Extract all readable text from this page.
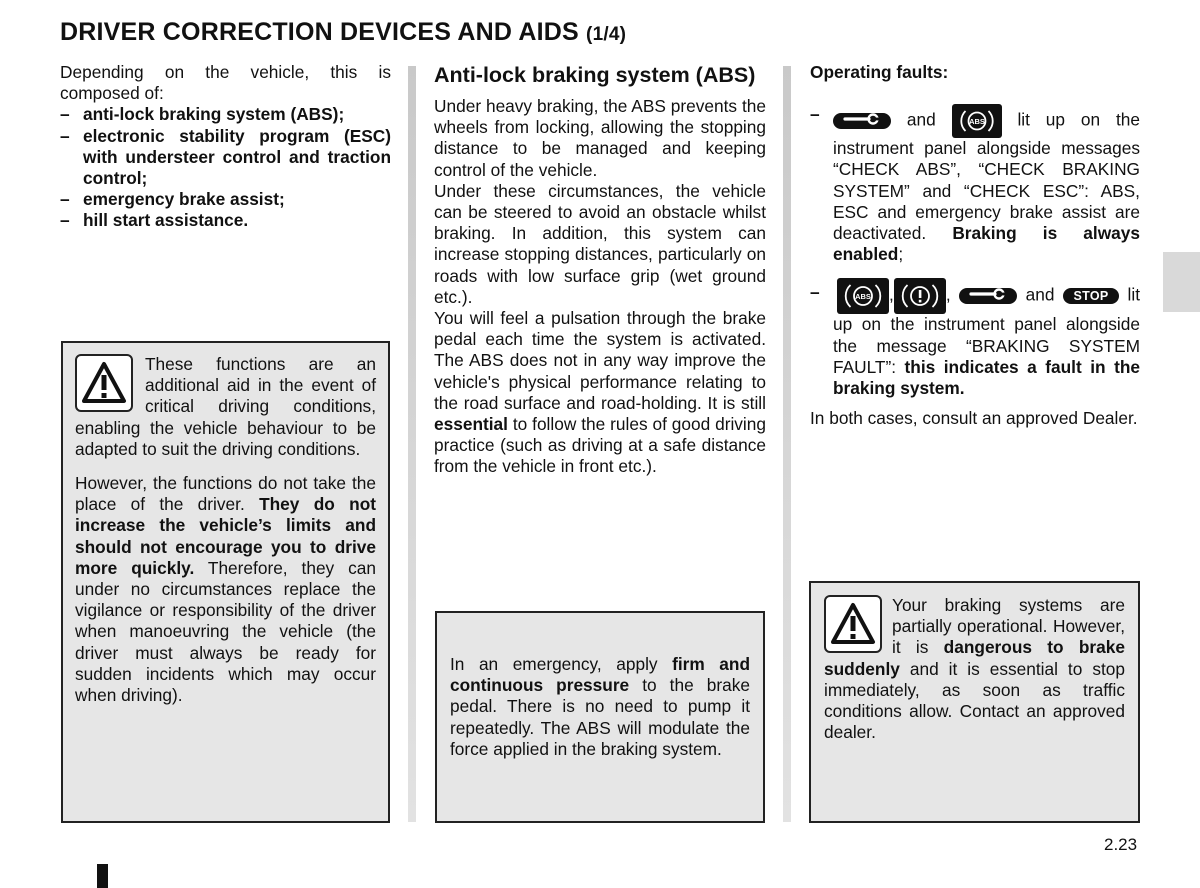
DRIVER CORRECTION DEVICES AND AIDS (1/4)

Depending on the vehicle, this is composed of:

– anti-lock braking system (ABS);
– electronic stability program (ESC) with understeer control and traction control;
– emergency brake assist;
– hill start assistance.

These functions are an additional aid in the event of critical driving conditions, enabling the vehicle behaviour to be adapted to suit the driving conditions.

However, the functions do not take the place of the driver. They do not increase the vehicle’s limits and should not encourage you to drive more quickly. Therefore, they can under no circumstances replace the vigilance or responsibility of the driver when manoeuvring the vehicle (the driver must always be ready for sudden incidents which may occur when driving).

Anti-lock braking system (ABS)

Under heavy braking, the ABS prevents the wheels from locking, allowing the stopping distance to be managed and keeping control of the vehicle.

Under these circumstances, the vehicle can be steered to avoid an obstacle whilst braking. In addition, this system can increase stopping distances, particularly on roads with low surface grip (wet ground etc.).

You will feel a pulsation through the brake pedal each time the system is activated. The ABS does not in any way improve the vehicle's physical performance relating to the road surface and road-holding. It is still essential to follow the rules of good driving practice (such as driving at a safe distance from the vehicle in front etc.).

In an emergency, apply firm and continuous pressure to the brake pedal. There is no need to pump it repeatedly. The ABS will modulate the force applied in the braking system.

Operating faults:

–	and	ABS lit up on the instrument panel alongside messages “CHECK ABS”, “CHECK BRAKING SYSTEM” and “CHECK ESC”: ABS, ESC and emergency brake assist are deactivated. Braking is always enabled;
–	ABS ,	,	and STOP lit up on the instrument panel alongside the message “BRAKING SYSTEM FAULT”: this indicates a fault in the braking system.

In both cases, consult an approved Dealer.

Your braking systems are partially operational. However, it is dangerous to brake suddenly and it is essential to stop immediately, as soon as traffic conditions allow. Contact an approved dealer.

2.23
